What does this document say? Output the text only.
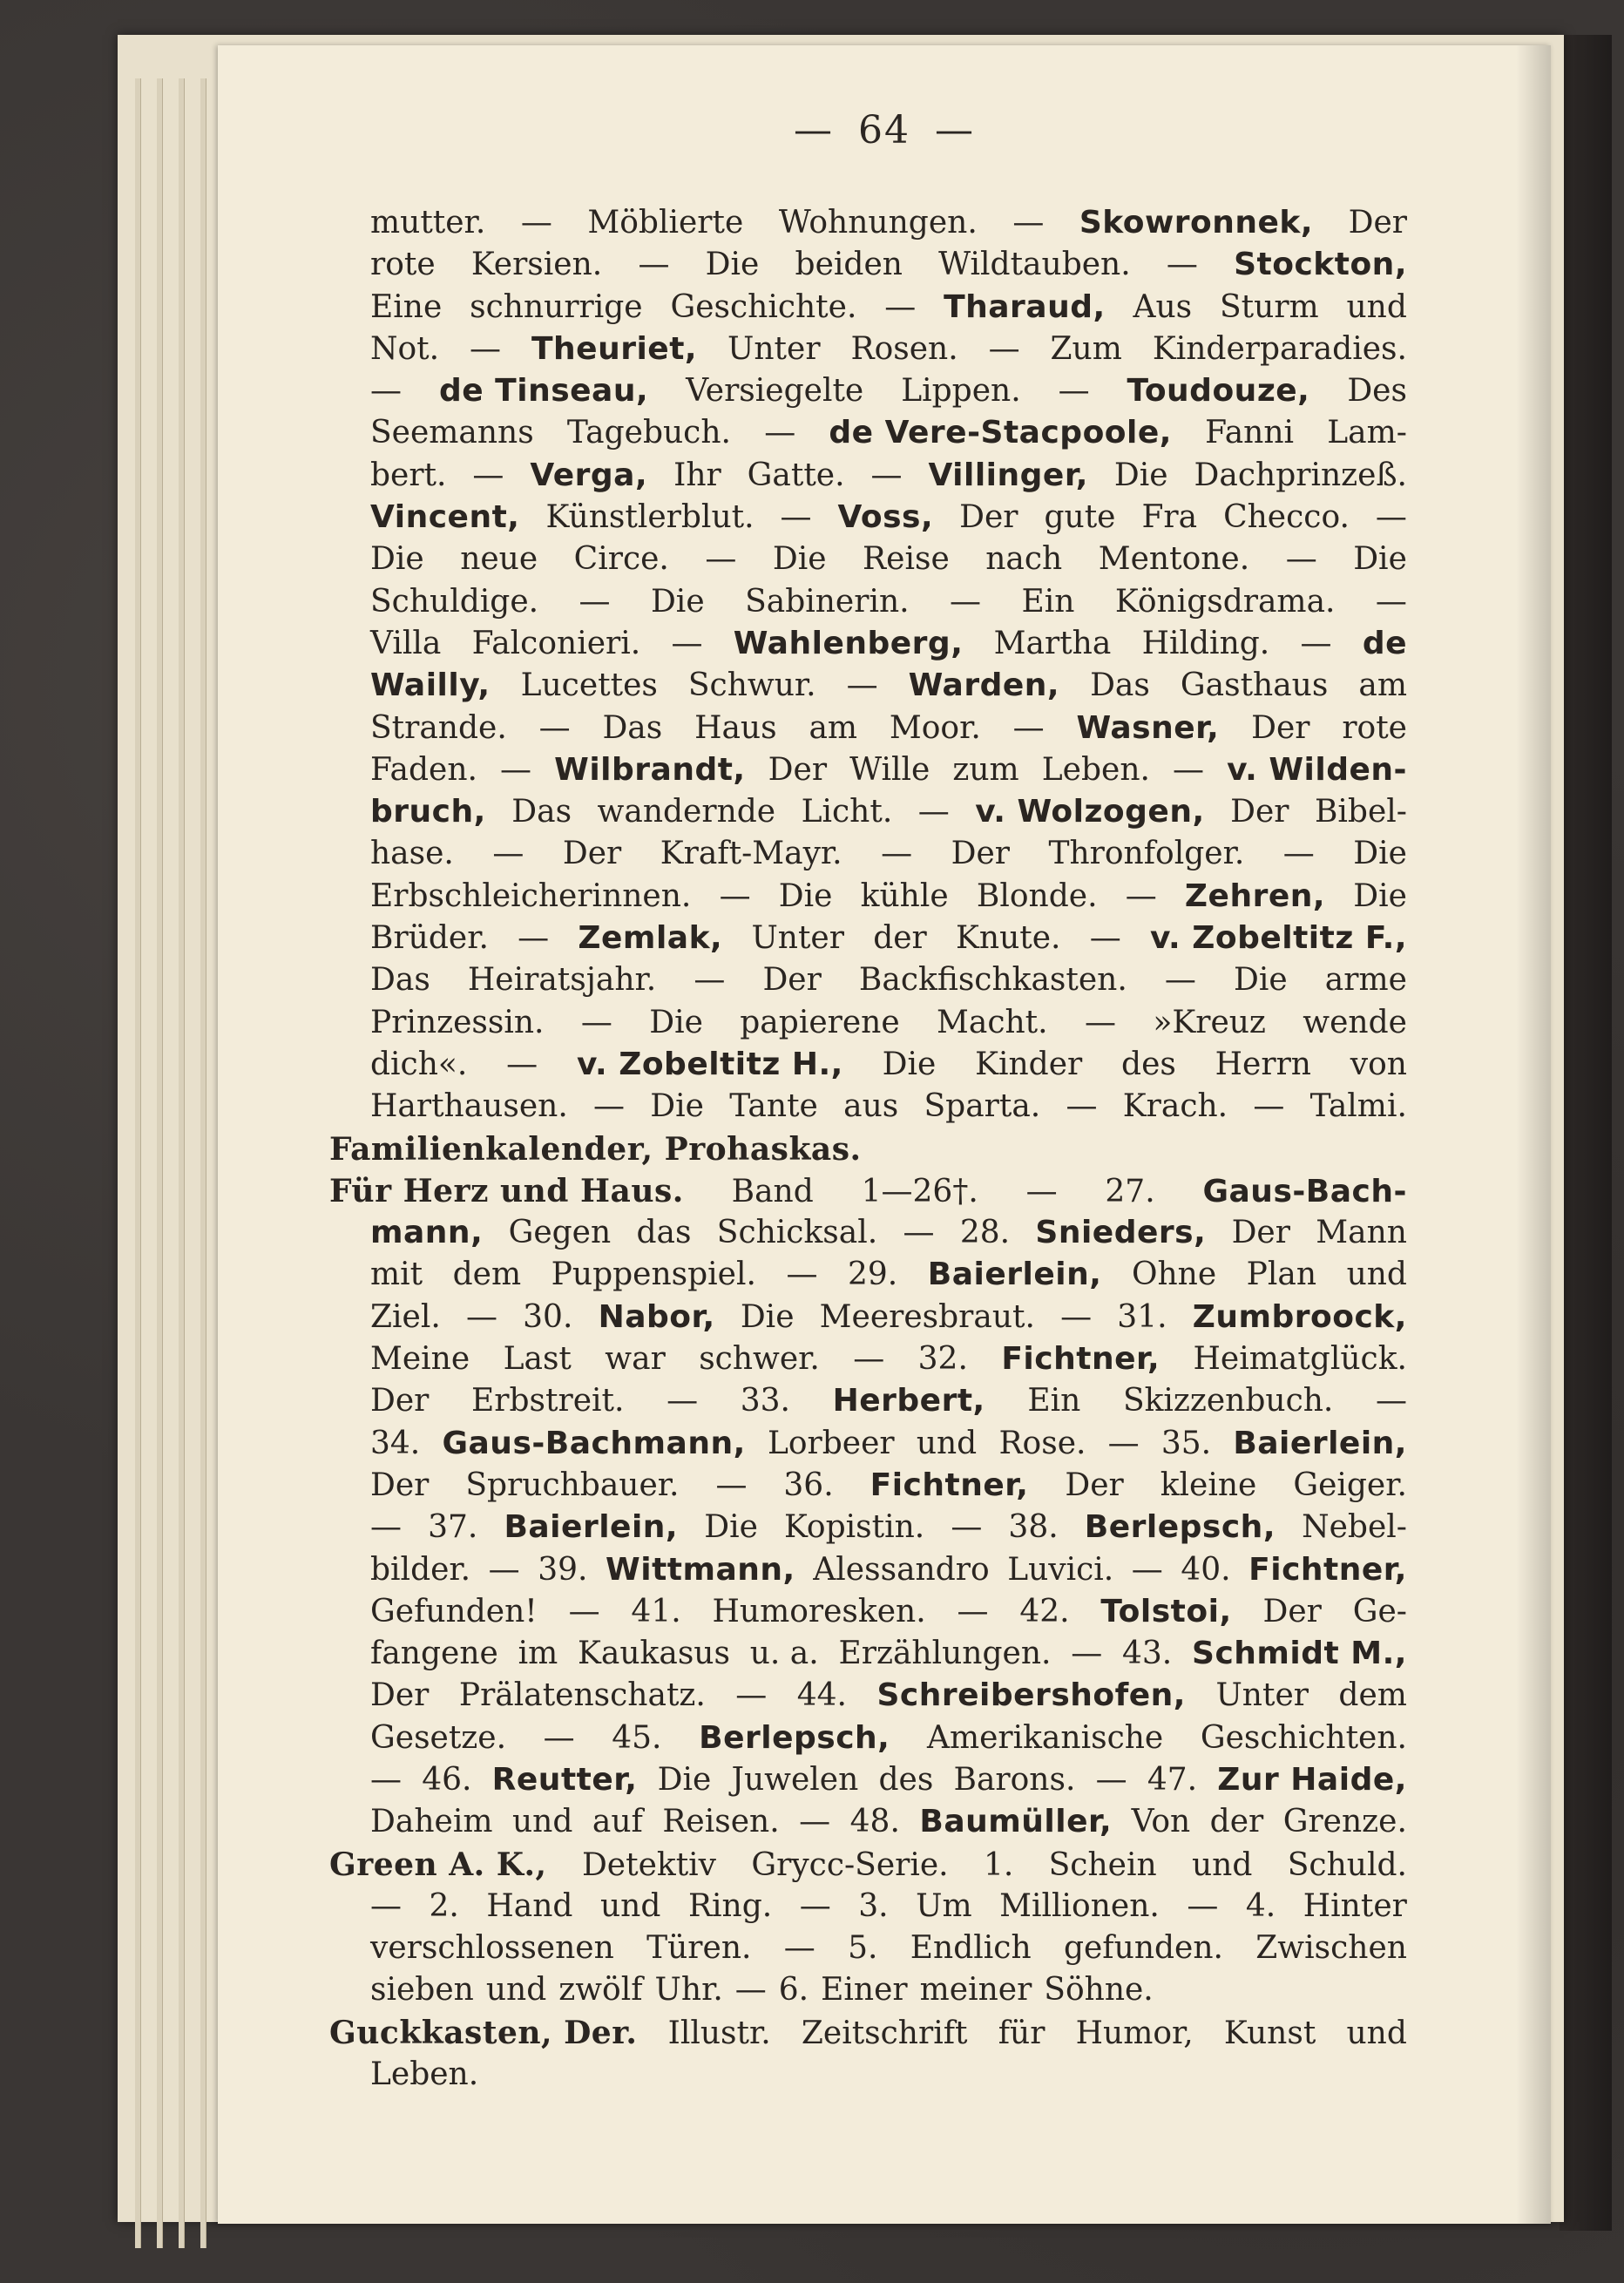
— 64 —
mutter. — Möblierte Wohnungen. — Skowronnek, Der
rote Kersien. — Die beiden Wildtauben. — Stockton,
Eine schnurrige Geschichte. — Tharaud, Aus Sturm und
Not. — Theuriet, Unter Rosen. — Zum Kinderparadies.
— de Tinseau, Versiegelte Lippen. — Toudouze, Des
Seemanns Tagebuch. — de Vere-Stacpoole, Fanni Lam-
bert. — Verga, Ihr Gatte. — Villinger, Die Dachprinzeß.
Vincent, Künstlerblut. — Voss, Der gute Fra Checco. —
Die neue Circe. — Die Reise nach Mentone. — Die
Schuldige. — Die Sabinerin. — Ein Königsdrama. —
Villa Falconieri. — Wahlenberg, Martha Hilding. — de
Wailly, Lucettes Schwur. — Warden, Das Gasthaus am
Strande. — Das Haus am Moor. — Wasner, Der rote
Faden. — Wilbrandt, Der Wille zum Leben. — v. Wilden-
bruch, Das wandernde Licht. — v. Wolzogen, Der Bibel-
hase. — Der Kraft-Mayr. — Der Thronfolger. — Die
Erbschleicherinnen. — Die kühle Blonde. — Zehren, Die
Brüder. — Zemlak, Unter der Knute. — v. Zobeltitz F.,
Das Heiratsjahr. — Der Backfischkasten. — Die arme
Prinzessin. — Die papierene Macht. — »Kreuz wende
dich«. — v. Zobeltitz H., Die Kinder des Herrn von
Harthausen. — Die Tante aus Sparta. — Krach. — Talmi.
Familienkalender, Prohaskas.
Für Herz und Haus. Band 1—26†. — 27. Gaus-Bach-
mann, Gegen das Schicksal. — 28. Snieders, Der Mann
mit dem Puppenspiel. — 29. Baierlein, Ohne Plan und
Ziel. — 30. Nabor, Die Meeresbraut. — 31. Zumbroock,
Meine Last war schwer. — 32. Fichtner, Heimatglück.
Der Erbstreit. — 33. Herbert, Ein Skizzenbuch. —
34. Gaus-Bachmann, Lorbeer und Rose. — 35. Baierlein,
Der Spruchbauer. — 36. Fichtner, Der kleine Geiger.
— 37. Baierlein, Die Kopistin. — 38. Berlepsch, Nebel-
bilder. — 39. Wittmann, Alessandro Luvici. — 40. Fichtner,
Gefunden! — 41. Humoresken. — 42. Tolstoi, Der Ge-
fangene im Kaukasus u. a. Erzählungen. — 43. Schmidt M.,
Der Prälatenschatz. — 44. Schreibershofen, Unter dem
Gesetze. — 45. Berlepsch, Amerikanische Geschichten.
— 46. Reutter, Die Juwelen des Barons. — 47. Zur Haide,
Daheim und auf Reisen. — 48. Baumüller, Von der Grenze.
Green A. K., Detektiv Grycc-Serie. 1. Schein und Schuld.
— 2. Hand und Ring. — 3. Um Millionen. — 4. Hinter
verschlossenen Türen. — 5. Endlich gefunden. Zwischen
sieben und zwölf Uhr. — 6. Einer meiner Söhne.
Guckkasten, Der. Illustr. Zeitschrift für Humor, Kunst und
Leben.
